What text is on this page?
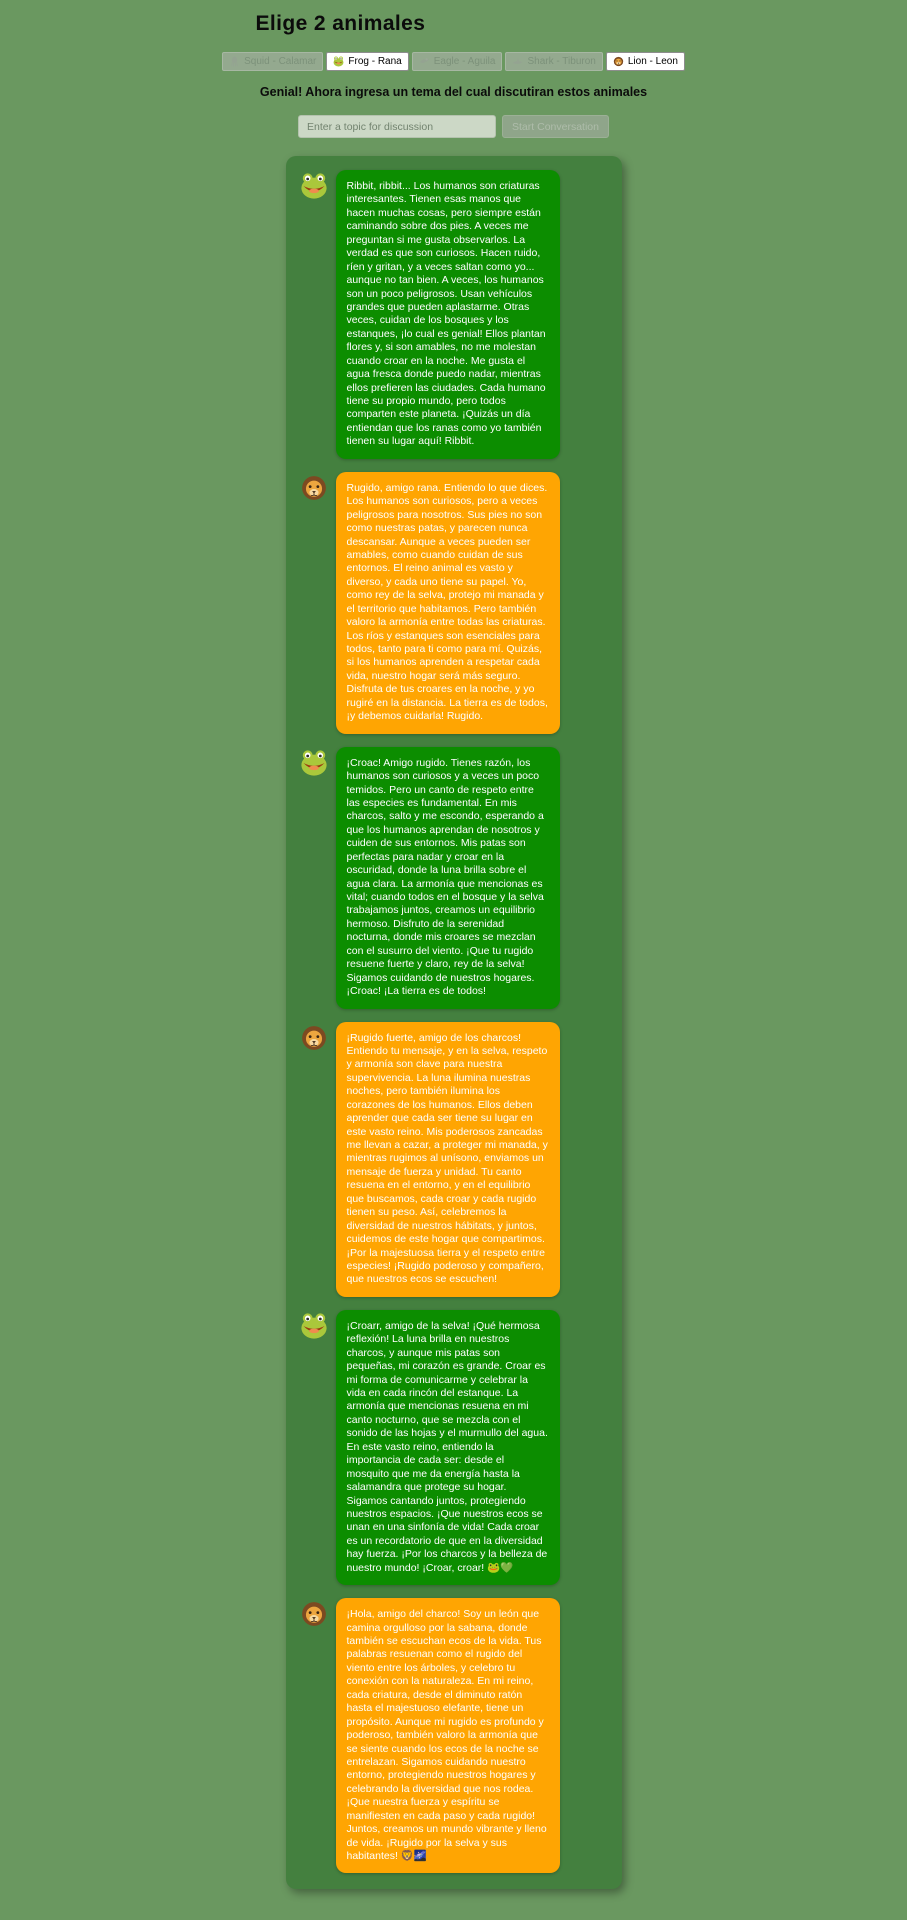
Elige 2 animales
Squid - Calamar	Frog - Rana	Eagle - Aguila	Shark - Tiburon	Lion - Leon

Genial! Ahora ingresa un tema del cual discutiran estos animales

Enter a topic for discussion
Start Conversation
Ribbit, ribbit... Los humanos son criaturas interesantes. Tienen esas manos que hacen muchas cosas, pero siempre están caminando sobre dos pies. A veces me preguntan si me gusta observarlos. La verdad es que son curiosos. Hacen ruido, ríen y gritan, y a veces saltan como yo... aunque no tan bien. A veces, los humanos son un poco peligrosos. Usan vehículos grandes que pueden aplastarme. Otras veces, cuidan de los bosques y los estanques, ¡lo cual es genial! Ellos plantan flores y, si son amables, no me molestan cuando croar en la noche. Me gusta el agua fresca donde puedo nadar, mientras ellos prefieren las ciudades. Cada humano tiene su propio mundo, pero todos comparten este planeta. ¡Quizás un día entiendan que los ranas como yo también tienen su lugar aquí! Ribbit.
Rugido, amigo rana. Entiendo lo que dices. Los humanos son curiosos, pero a veces peligrosos para nosotros. Sus pies no son como nuestras patas, y parecen nunca descansar. Aunque a veces pueden ser amables, como cuando cuidan de sus entornos. El reino animal es vasto y diverso, y cada uno tiene su papel. Yo, como rey de la selva, protejo mi manada y el territorio que habitamos. Pero también valoro la armonía entre todas las criaturas. Los ríos y estanques son esenciales para todos, tanto para ti como para mí. Quizás, si los humanos aprenden a respetar cada vida, nuestro hogar será más seguro. Disfruta de tus croares en la noche, y yo rugiré en la distancia. La tierra es de todos, ¡y debemos cuidarla! Rugido.
¡Croac! Amigo rugido. Tienes razón, los humanos son curiosos y a veces un poco temidos. Pero un canto de respeto entre las especies es fundamental. En mis charcos, salto y me escondo, esperando a que los humanos aprendan de nosotros y cuiden de sus entornos. Mis patas son perfectas para nadar y croar en la oscuridad, donde la luna brilla sobre el agua clara. La armonía que mencionas es vital; cuando todos en el bosque y la selva trabajamos juntos, creamos un equilibrio hermoso. Disfruto de la serenidad nocturna, donde mis croares se mezclan con el susurro del viento. ¡Que tu rugido resuene fuerte y claro, rey de la selva! Sigamos cuidando de nuestros hogares. ¡Croac! ¡La tierra es de todos!
¡Rugido fuerte, amigo de los charcos! Entiendo tu mensaje, y en la selva, respeto y armonía son clave para nuestra supervivencia. La luna ilumina nuestras noches, pero también ilumina los corazones de los humanos. Ellos deben aprender que cada ser tiene su lugar en este vasto reino. Mis poderosos zancadas me llevan a cazar, a proteger mi manada, y mientras rugimos al unísono, enviamos un mensaje de fuerza y unidad. Tu canto resuena en el entorno, y en el equilibrio que buscamos, cada croar y cada rugido tienen su peso. Así, celebremos la diversidad de nuestros hábitats, y juntos, cuidemos de este hogar que compartimos. ¡Por la majestuosa tierra y el respeto entre especies! ¡Rugido poderoso y compañero, que nuestros ecos se escuchen!
¡Croarr, amigo de la selva! ¡Qué hermosa reflexión! La luna brilla en nuestros charcos, y aunque mis patas son pequeñas, mi corazón es grande. Croar es mi forma de comunicarme y celebrar la vida en cada rincón del estanque. La armonía que mencionas resuena en mi canto nocturno, que se mezcla con el sonido de las hojas y el murmullo del agua. En este vasto reino, entiendo la importancia de cada ser: desde el mosquito que me da energía hasta la salamandra que protege su hogar. Sigamos cantando juntos, protegiendo nuestros espacios. ¡Que nuestros ecos se unan en una sinfonía de vida! Cada croar es un recordatorio de que en la diversidad hay fuerza. ¡Por los charcos y la belleza de nuestro mundo! ¡Croar, croar! 🐸💚
¡Hola, amigo del charco! Soy un león que camina orgulloso por la sabana, donde también se escuchan ecos de la vida. Tus palabras resuenan como el rugido del viento entre los árboles, y celebro tu conexión con la naturaleza. En mi reino, cada criatura, desde el diminuto ratón hasta el majestuoso elefante, tiene un propósito. Aunque mi rugido es profundo y poderoso, también valoro la armonía que se siente cuando los ecos de la noche se entrelazan. Sigamos cuidando nuestro entorno, protegiendo nuestros hogares y celebrando la diversidad que nos rodea. ¡Que nuestra fuerza y espíritu se manifiesten en cada paso y cada rugido! Juntos, creamos un mundo vibrante y lleno de vida. ¡Rugido por la selva y sus habitantes! 🦁🌌
